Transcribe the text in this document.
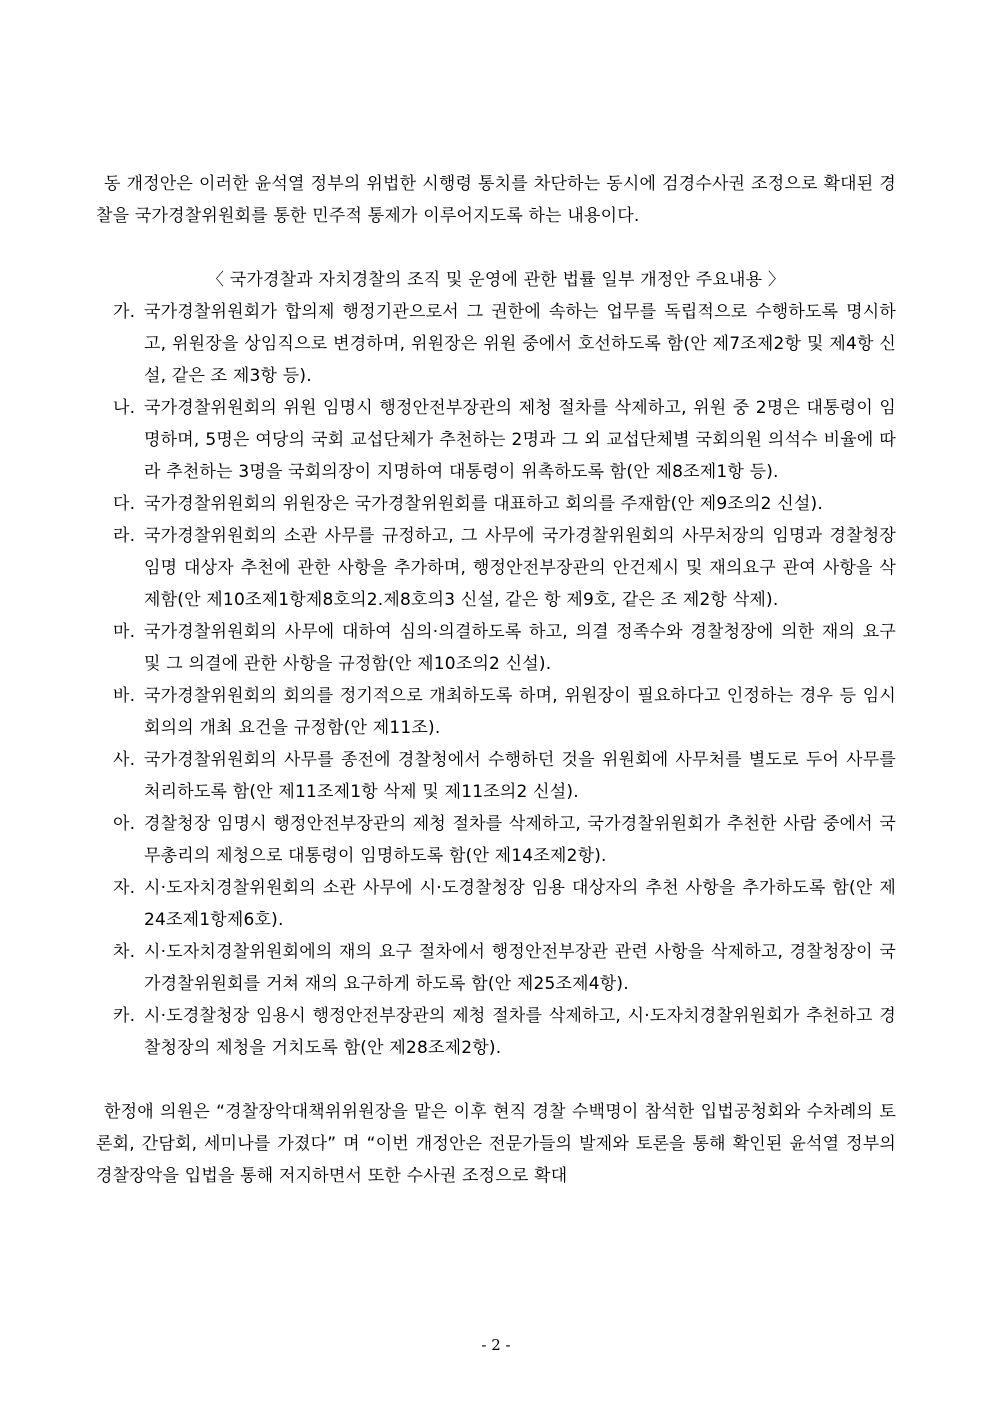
동 개정안은 이러한 윤석열 정부의 위법한 시행령 통치를 차단하는 동시에 검경수사권 조정으로 확대된 경찰을 국가경찰위원회를 통한 민주적 통제가 이루어지도록 하는 내용이다.

〈 국가경찰과 자치경찰의 조직 및 운영에 관한 법률 일부 개정안 주요내용 〉

가. 국가경찰위원회가 합의제 행정기관으로서 그 권한에 속하는 업무를 독립적으로 수행하도록 명시하고, 위원장을 상임직으로 변경하며, 위원장은 위원 중에서 호선하도록 함(안 제7조제2항 및 제4항 신설, 같은 조 제3항 등).
나. 국가경찰위원회의 위원 임명시 행정안전부장관의 제청 절차를 삭제하고, 위원 중 2명은 대통령이 임명하며, 5명은 여당의 국회 교섭단체가 추천하는 2명과 그 외 교섭단체별 국회의원 의석수 비율에 따라 추천하는 3명을 국회의장이 지명하여 대통령이 위촉하도록 함(안 제8조제1항 등).
다. 국가경찰위원회의 위원장은 국가경찰위원회를 대표하고 회의를 주재함(안 제9조의2 신설).
라. 국가경찰위원회의 소관 사무를 규정하고, 그 사무에 국가경찰위원회의 사무처장의 임명과 경찰청장 임명 대상자 추천에 관한 사항을 추가하며, 행정안전부장관의 안건제시 및 재의요구 관여 사항을 삭제함(안 제10조제1항제8호의2.제8호의3 신설, 같은 항 제9호, 같은 조 제2항 삭제).
마. 국가경찰위원회의 사무에 대하여 심의·의결하도록 하고, 의결 정족수와 경찰청장에 의한 재의 요구 및 그 의결에 관한 사항을 규정함(안 제10조의2 신설).
바. 국가경찰위원회의 회의를 정기적으로 개최하도록 하며, 위원장이 필요하다고 인정하는 경우 등 임시회의의 개최 요건을 규정함(안 제11조).
사. 국가경찰위원회의 사무를 종전에 경찰청에서 수행하던 것을 위원회에 사무처를 별도로 두어 사무를 처리하도록 함(안 제11조제1항 삭제 및 제11조의2 신설).
아. 경찰청장 임명시 행정안전부장관의 제청 절차를 삭제하고, 국가경찰위원회가 추천한 사람 중에서 국무총리의 제청으로 대통령이 임명하도록 함(안 제14조제2항).
자. 시·도자치경찰위원회의 소관 사무에 시·도경찰청장 임용 대상자의 추천 사항을 추가하도록 함(안 제24조제1항제6호).
차. 시·도자치경찰위원회에의 재의 요구 절차에서 행정안전부장관 관련 사항을 삭제하고, 경찰청장이 국가경찰위원회를 거쳐 재의 요구하게 하도록 함(안 제25조제4항).
카. 시·도경찰청장 임용시 행정안전부장관의 제청 절차를 삭제하고, 시·도자치경찰위원회가 추천하고 경찰청장의 제청을 거치도록 함(안 제28조제2항).

한정애 의원은 “경찰장악대책위위원장을 맡은 이후 현직 경찰 수백명이 참석한 입법공청회와 수차례의 토론회, 간담회, 세미나를 가졌다” 며 “이번 개정안은 전문가들의 발제와 토론을 통해 확인된 윤석열 정부의 경찰장악을 입법을 통해 저지하면서 또한 수사권 조정으로 확대

- 2 -
